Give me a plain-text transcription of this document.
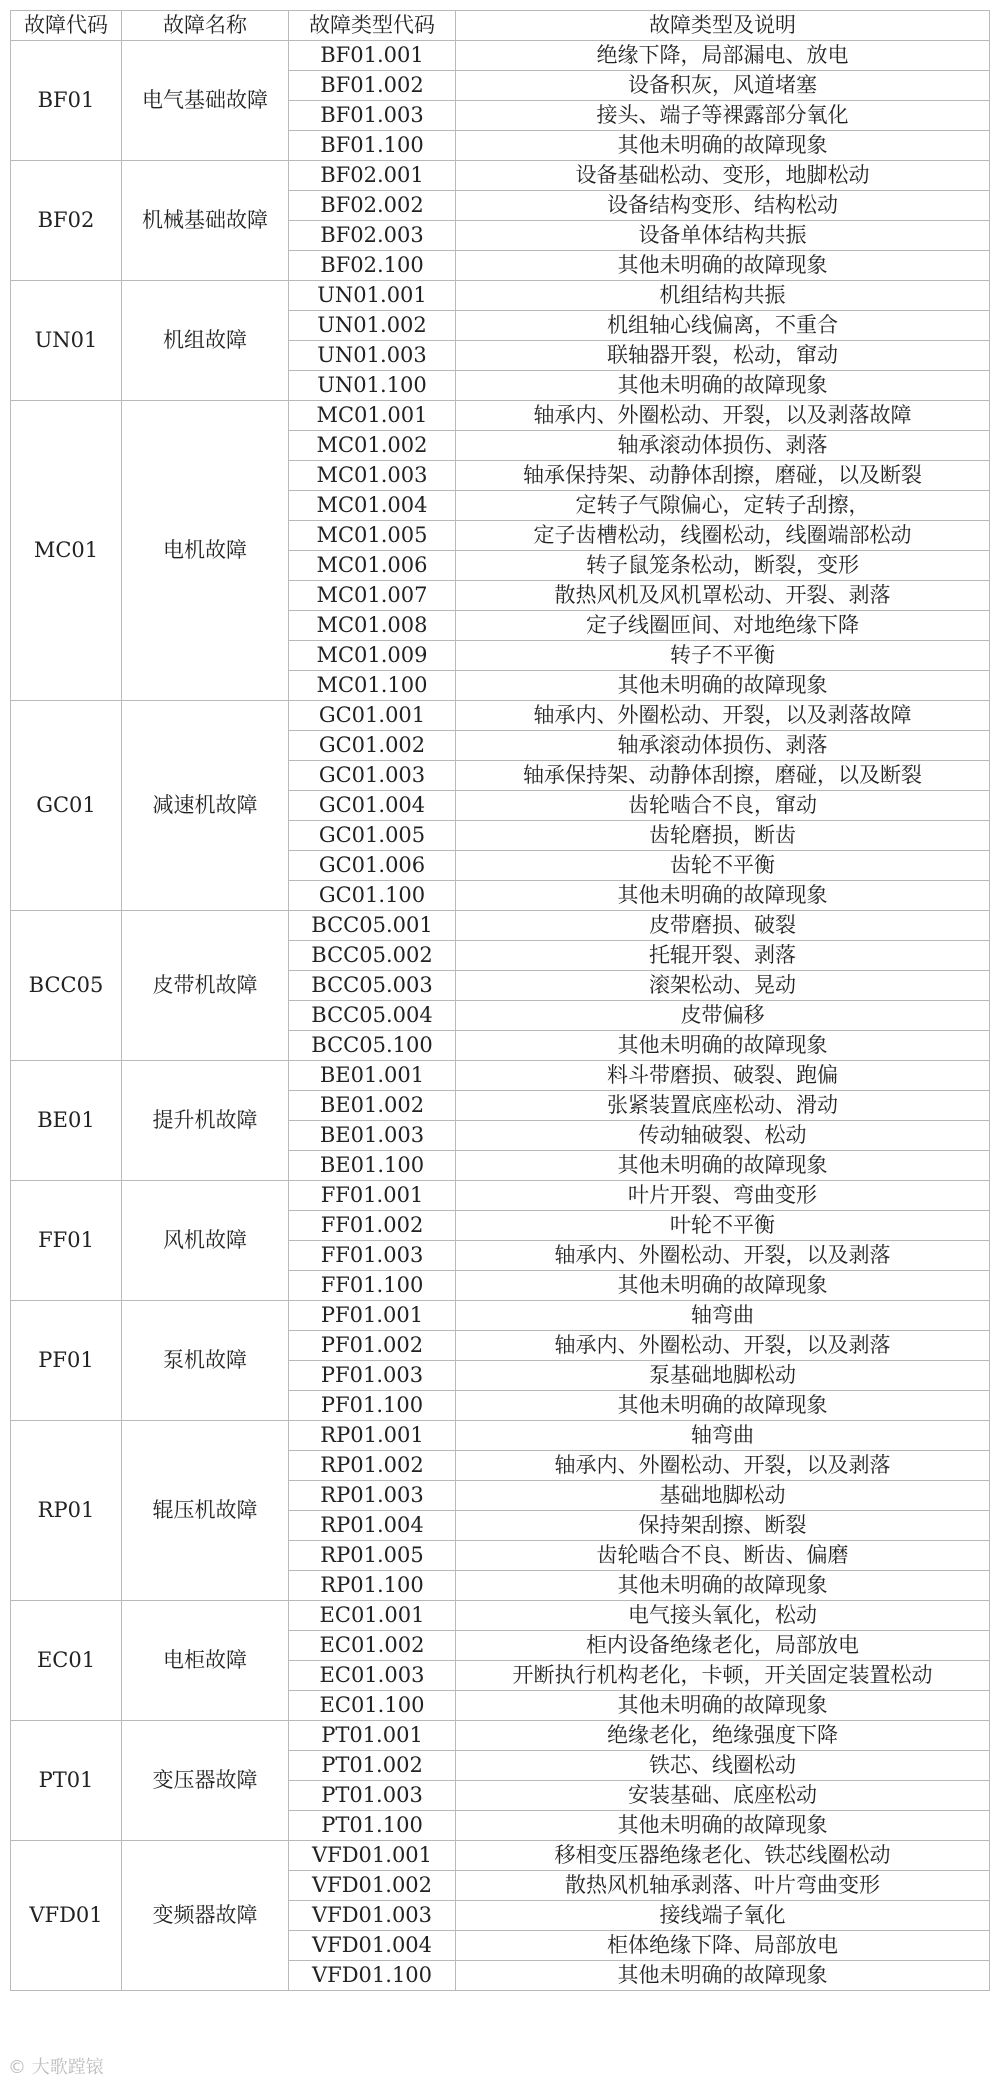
故障代码	故障名称	故障类型代码	故障类型及说明
BF01	电气基础故障	BF01.001	绝缘下降，局部漏电、放电
		BF01.002	设备积灰，风道堵塞
		BF01.003	接头、端子等裸露部分氧化
		BF01.100	其他未明确的故障现象
BF02	机械基础故障	BF02.001	设备基础松动、变形，地脚松动
		BF02.002	设备结构变形、结构松动
		BF02.003	设备单体结构共振
		BF02.100	其他未明确的故障现象
UN01	机组故障	UN01.001	机组结构共振
		UN01.002	机组轴心线偏离，不重合
		UN01.003	联轴器开裂，松动，窜动
		UN01.100	其他未明确的故障现象
MC01	电机故障	MC01.001	轴承内、外圈松动、开裂，以及剥落故障
		MC01.002	轴承滚动体损伤、剥落
		MC01.003	轴承保持架、动静体刮擦，磨碰，以及断裂
		MC01.004	定转子气隙偏心，定转子刮擦，
		MC01.005	定子齿槽松动，线圈松动，线圈端部松动
		MC01.006	转子鼠笼条松动，断裂，变形
		MC01.007	散热风机及风机罩松动、开裂、剥落
		MC01.008	定子线圈匝间、对地绝缘下降
		MC01.009	转子不平衡
		MC01.100	其他未明确的故障现象
GC01	减速机故障	GC01.001	轴承内、外圈松动、开裂，以及剥落故障
		GC01.002	轴承滚动体损伤、剥落
		GC01.003	轴承保持架、动静体刮擦，磨碰，以及断裂
		GC01.004	齿轮啮合不良，窜动
		GC01.005	齿轮磨损，断齿
		GC01.006	齿轮不平衡
		GC01.100	其他未明确的故障现象
BCC05	皮带机故障	BCC05.001	皮带磨损、破裂
		BCC05.002	托辊开裂、剥落
		BCC05.003	滚架松动、晃动
		BCC05.004	皮带偏移
		BCC05.100	其他未明确的故障现象
BE01	提升机故障	BE01.001	料斗带磨损、破裂、跑偏
		BE01.002	张紧装置底座松动、滑动
		BE01.003	传动轴破裂、松动
		BE01.100	其他未明确的故障现象
FF01	风机故障	FF01.001	叶片开裂、弯曲变形
		FF01.002	叶轮不平衡
		FF01.003	轴承内、外圈松动、开裂，以及剥落
		FF01.100	其他未明确的故障现象
PF01	泵机故障	PF01.001	轴弯曲
		PF01.002	轴承内、外圈松动、开裂，以及剥落
		PF01.003	泵基础地脚松动
		PF01.100	其他未明确的故障现象
RP01	辊压机故障	RP01.001	轴弯曲
		RP01.002	轴承内、外圈松动、开裂，以及剥落
		RP01.003	基础地脚松动
		RP01.004	保持架刮擦、断裂
		RP01.005	齿轮啮合不良、断齿、偏磨
		RP01.100	其他未明确的故障现象
EC01	电柜故障	EC01.001	电气接头氧化，松动
		EC01.002	柜内设备绝缘老化，局部放电
		EC01.003	开断执行机构老化，卡顿，开关固定装置松动
		EC01.100	其他未明确的故障现象
PT01	变压器故障	PT01.001	绝缘老化，绝缘强度下降
		PT01.002	铁芯、线圈松动
		PT01.003	安装基础、底座松动
		PT01.100	其他未明确的故障现象
VFD01	变频器故障	VFD01.001	移相变压器绝缘老化、铁芯线圈松动
		VFD01.002	散热风机轴承剥落、叶片弯曲变形
		VFD01.003	接线端子氧化
		VFD01.004	柜体绝缘下降、局部放电
		VFD01.100	其他未明确的故障现象
© 大歌蹚锿
